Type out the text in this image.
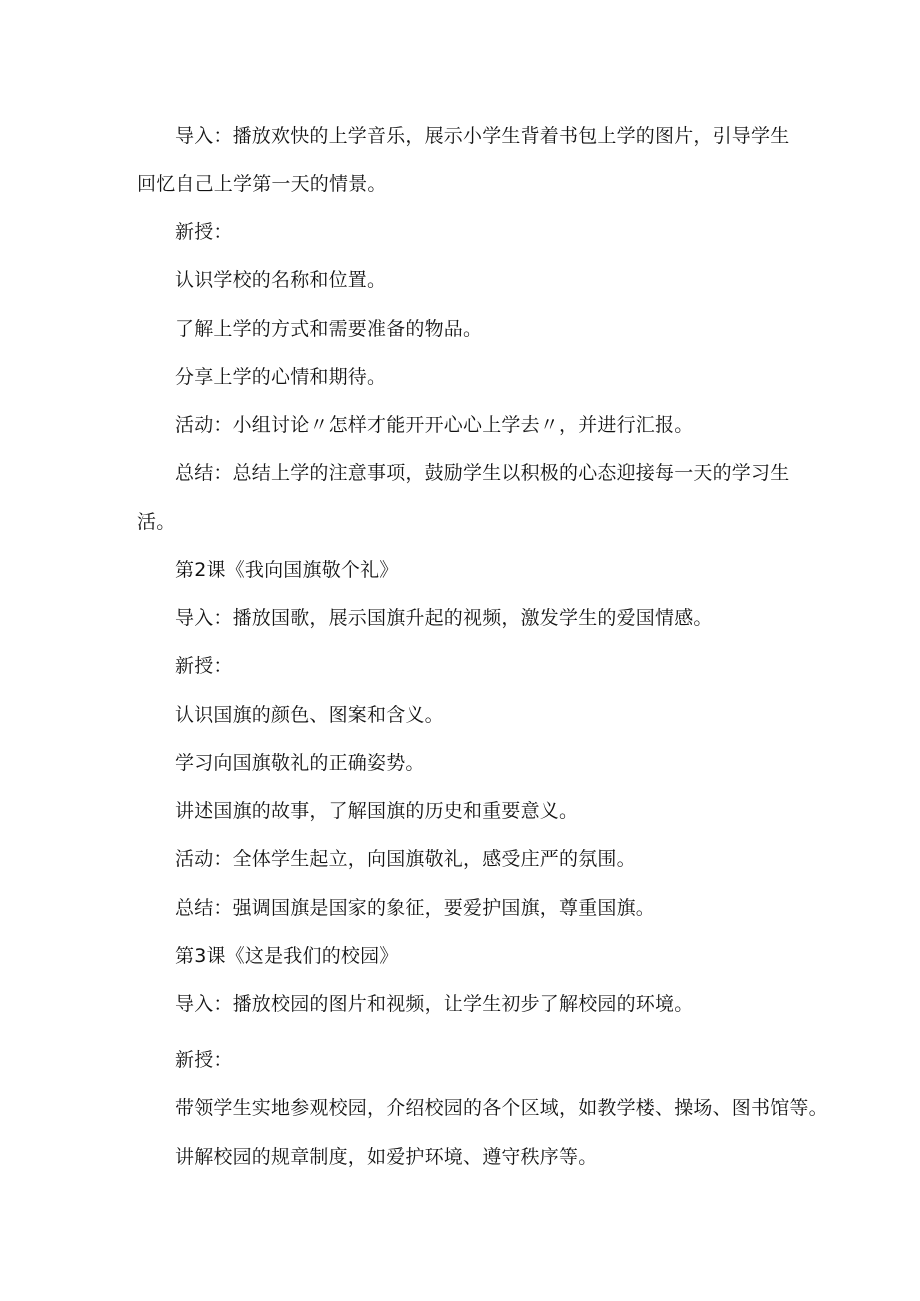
导入：播放欢快的上学音乐，展示小学生背着书包上学的图片，引导学生
回忆自己上学第一天的情景。
新授：
认识学校的名称和位置。
了解上学的方式和需要准备的物品。
分享上学的心情和期待。
活动：小组讨论〃怎样才能开开心心上学去〃，并进行汇报。
总结：总结上学的注意事项，鼓励学生以积极的心态迎接每一天的学习生
活。
第2课《我向国旗敬个礼》
导入：播放国歌，展示国旗升起的视频，激发学生的爱国情感。
新授：
认识国旗的颜色、图案和含义。
学习向国旗敬礼的正确姿势。
讲述国旗的故事，了解国旗的历史和重要意义。
活动：全体学生起立，向国旗敬礼，感受庄严的氛围。
总结：强调国旗是国家的象征，要爱护国旗，尊重国旗。
第3课《这是我们的校园》
导入：播放校园的图片和视频，让学生初步了解校园的环境。
新授：
带领学生实地参观校园，介绍校园的各个区域，如教学楼、操场、图书馆等。
讲解校园的规章制度，如爱护环境、遵守秩序等。
